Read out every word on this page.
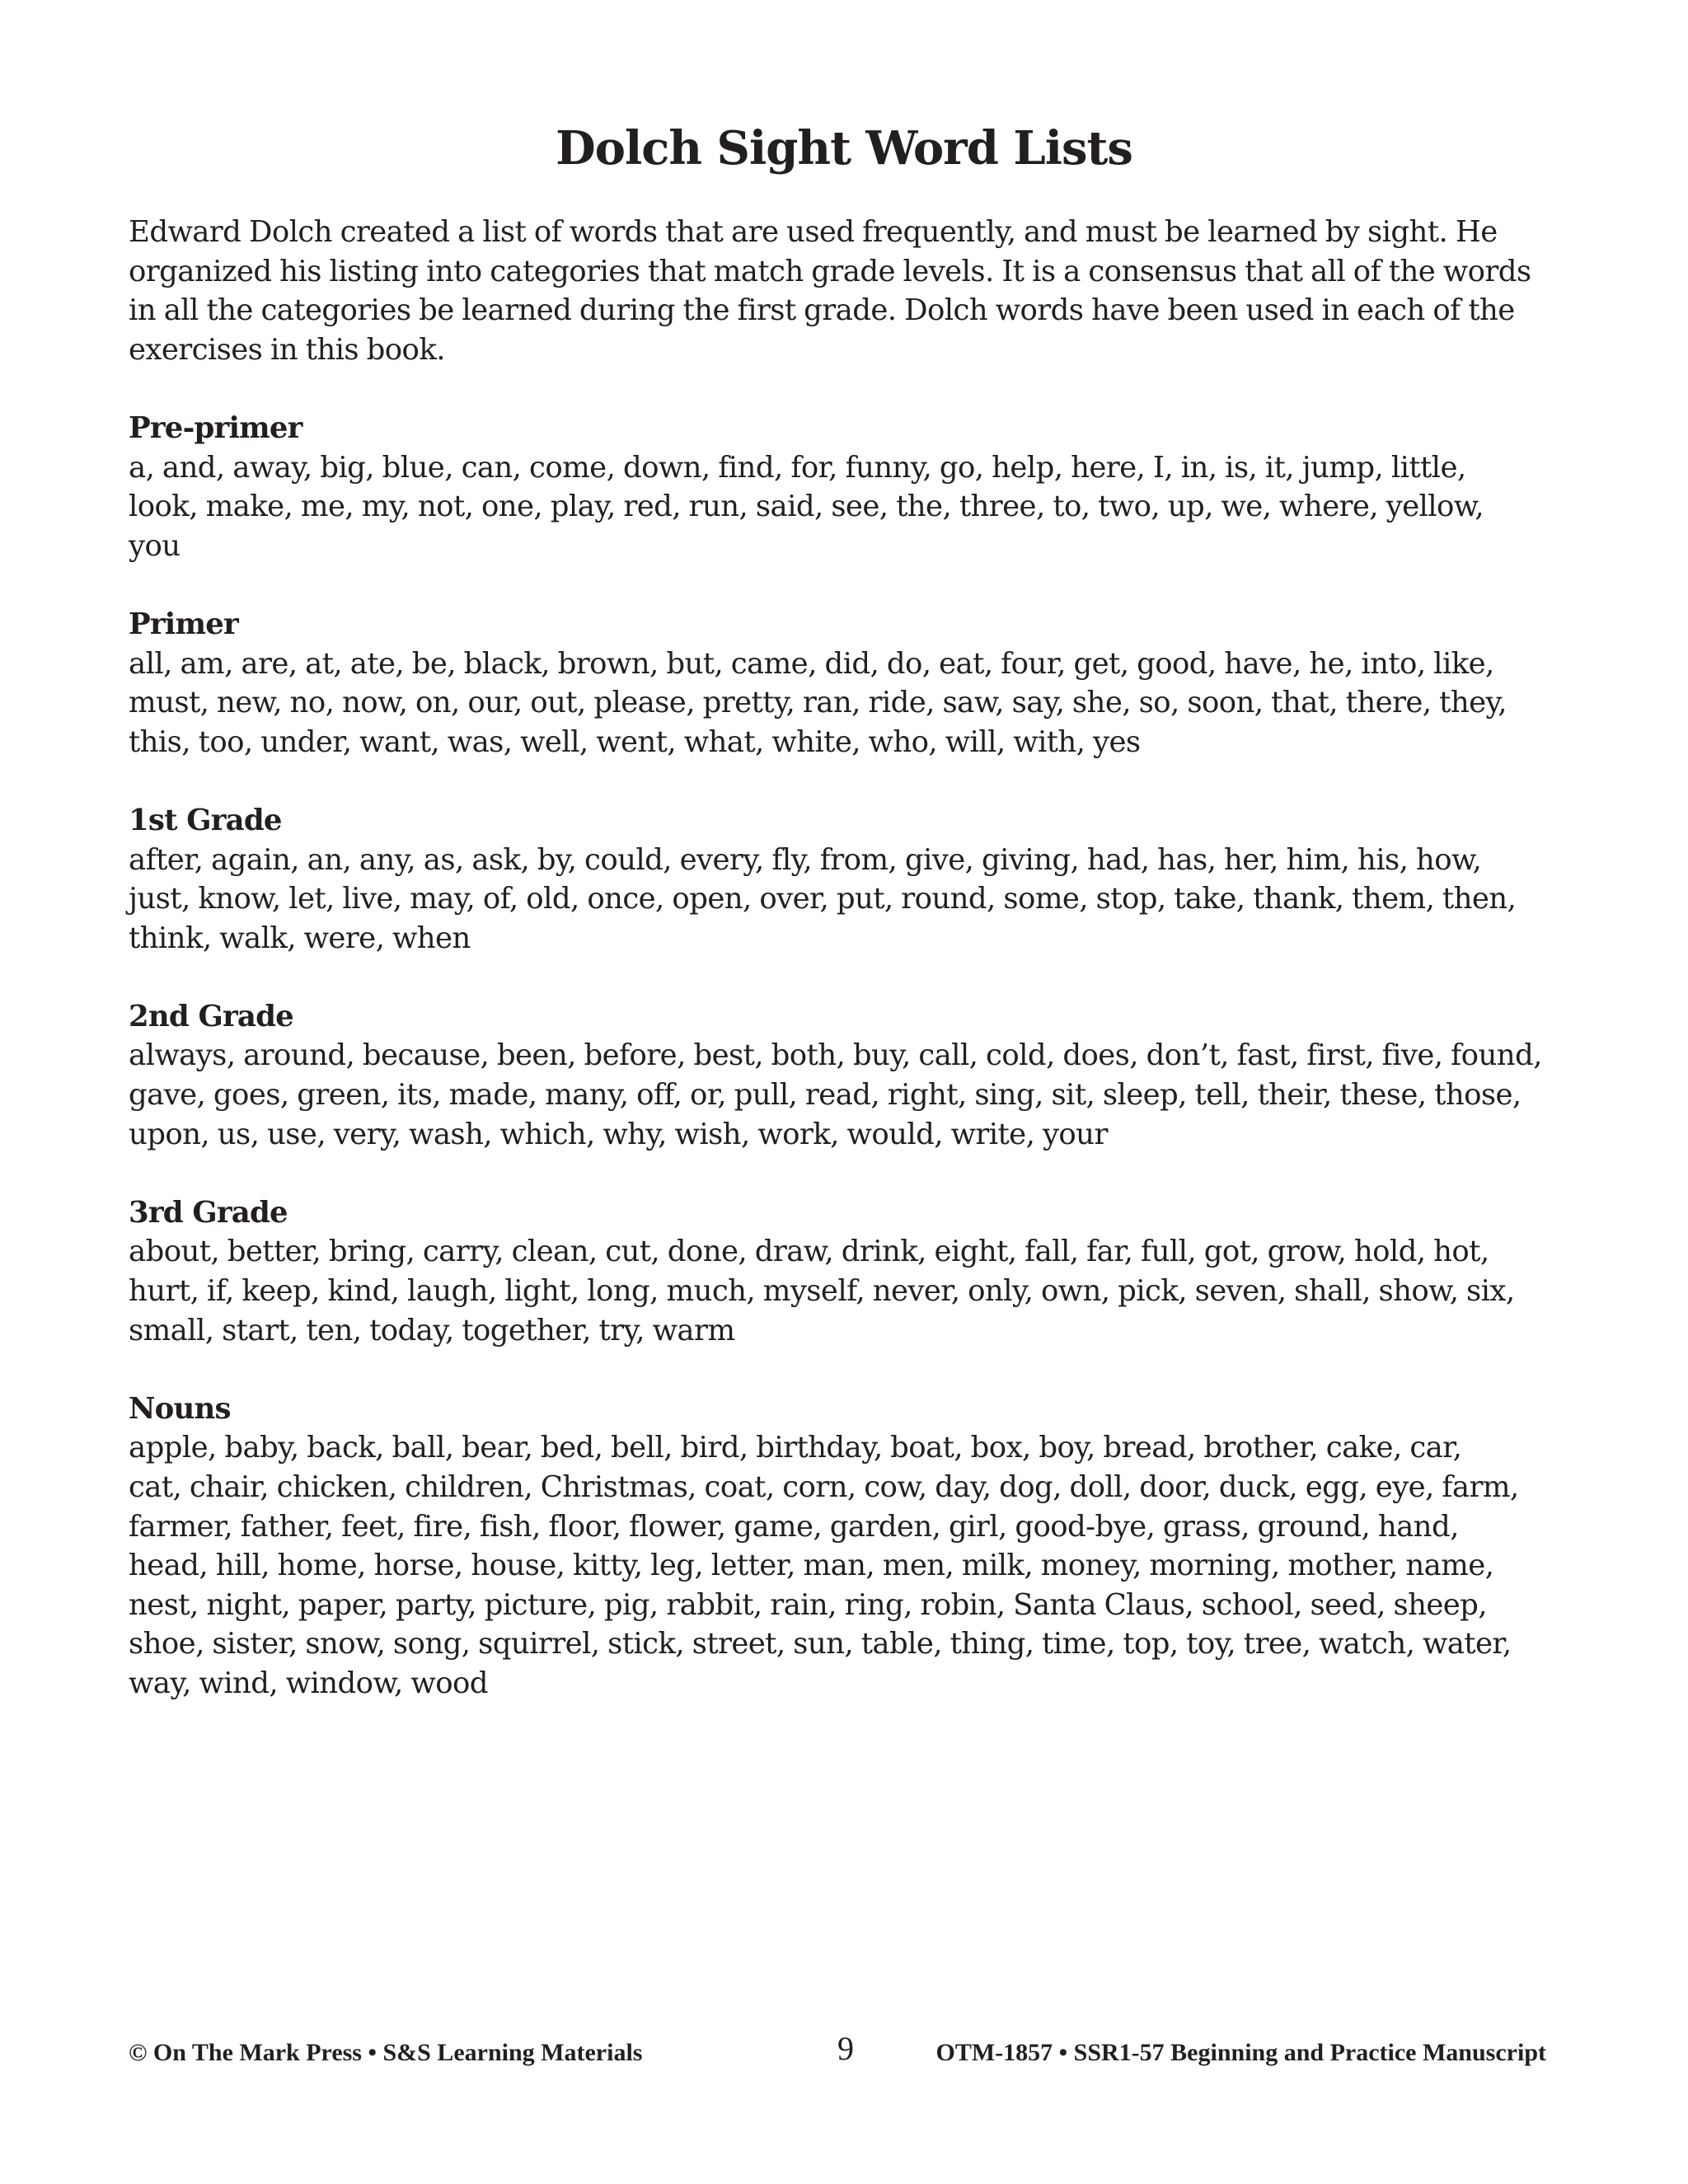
Dolch Sight Word Lists
Edward Dolch created a list of words that are used frequently, and must be learned by sight. He
organized his listing into categories that match grade levels. It is a consensus that all of the words
in all the categories be learned during the first grade. Dolch words have been used in each of the
exercises in this book.
Pre-primer
a, and, away, big, blue, can, come, down, find, for, funny, go, help, here, I, in, is, it, jump, little,
look, make, me, my, not, one, play, red, run, said, see, the, three, to, two, up, we, where, yellow,
you
Primer
all, am, are, at, ate, be, black, brown, but, came, did, do, eat, four, get, good, have, he, into, like,
must, new, no, now, on, our, out, please, pretty, ran, ride, saw, say, she, so, soon, that, there, they,
this, too, under, want, was, well, went, what, white, who, will, with, yes
1st Grade
after, again, an, any, as, ask, by, could, every, fly, from, give, giving, had, has, her, him, his, how,
just, know, let, live, may, of, old, once, open, over, put, round, some, stop, take, thank, them, then,
think, walk, were, when
2nd Grade
always, around, because, been, before, best, both, buy, call, cold, does, don’t, fast, first, five, found,
gave, goes, green, its, made, many, off, or, pull, read, right, sing, sit, sleep, tell, their, these, those,
upon, us, use, very, wash, which, why, wish, work, would, write, your
3rd Grade
about, better, bring, carry, clean, cut, done, draw, drink, eight, fall, far, full, got, grow, hold, hot,
hurt, if, keep, kind, laugh, light, long, much, myself, never, only, own, pick, seven, shall, show, six,
small, start, ten, today, together, try, warm
Nouns
apple, baby, back, ball, bear, bed, bell, bird, birthday, boat, box, boy, bread, brother, cake, car,
cat, chair, chicken, children, Christmas, coat, corn, cow, day, dog, doll, door, duck, egg, eye, farm,
farmer, father, feet, fire, fish, floor, flower, game, garden, girl, good-bye, grass, ground, hand,
head, hill, home, horse, house, kitty, leg, letter, man, men, milk, money, morning, mother, name,
nest, night, paper, party, picture, pig, rabbit, rain, ring, robin, Santa Claus, school, seed, sheep,
shoe, sister, snow, song, squirrel, stick, street, sun, table, thing, time, top, toy, tree, watch, water,
way, wind, window, wood
© On The Mark Press • S&S Learning Materials	9	OTM-1857 • SSR1-57 Beginning and Practice Manuscript
